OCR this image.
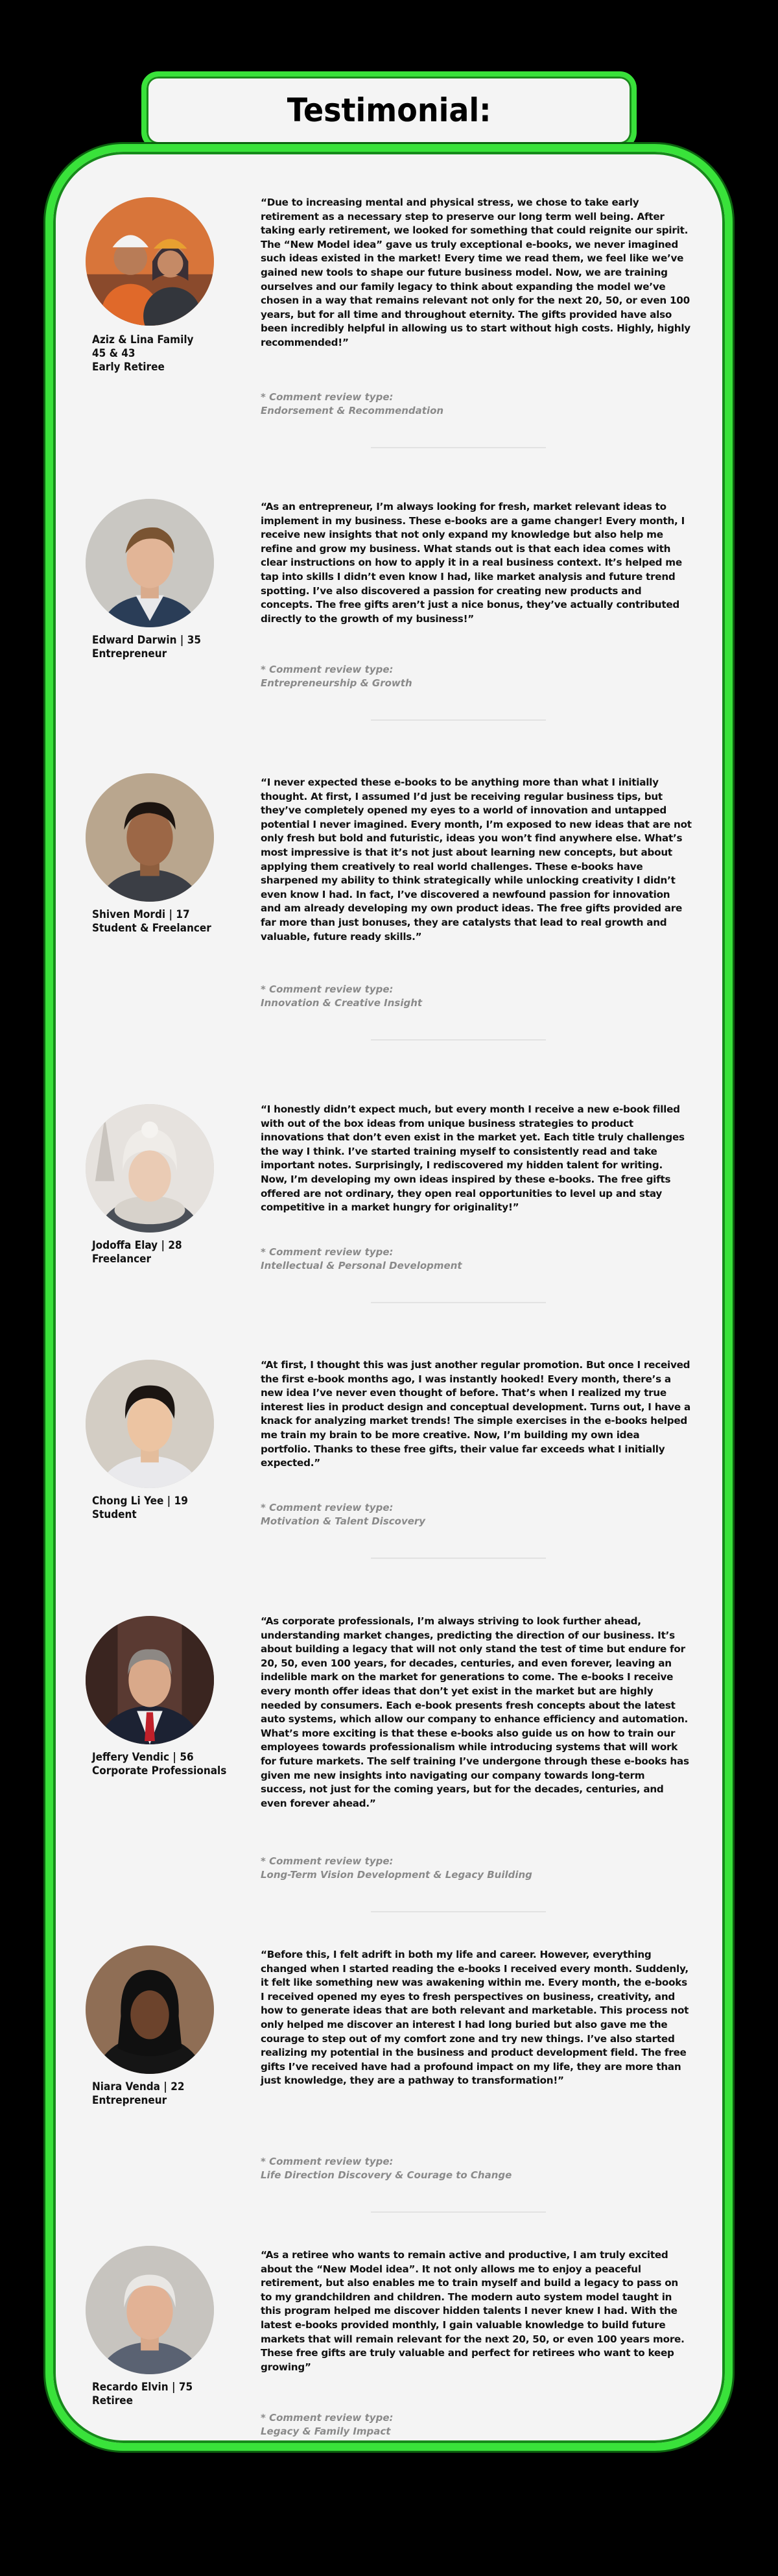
Testimonial:
Aziz & Lina Family
45 & 43
Early Retiree
“Due to increasing mental and physical stress, we chose to take early retirement as a necessary step to preserve our long term well being. After taking early retirement, we looked for something that could reignite our spirit. The “New Model idea” gave us truly exceptional e-books, we never imagined such ideas existed in the market! Every time we read them, we feel like we’ve gained new tools to shape our future business model. Now, we are training ourselves and our family legacy to think about expanding the model we’ve chosen in a way that remains relevant not only for the next 20, 50, or even 100 years, but for all time and throughout eternity. The gifts provided have also been incredibly helpful in allowing us to start without high costs. Highly, highly recommended!”
* Comment review type:
Endorsement & Recommendation
Edward Darwin | 35
Entrepreneur
“As an entrepreneur, I’m always looking for fresh, market relevant ideas to implement in my business. These e-books are a game changer! Every month, I receive new insights that not only expand my knowledge but also help me refine and grow my business. What stands out is that each idea comes with clear instructions on how to apply it in a real business context. It’s helped me tap into skills I didn’t even know I had, like market analysis and future trend spotting. I’ve also discovered a passion for creating new products and concepts. The free gifts aren’t just a nice bonus, they’ve actually contributed directly to the growth of my business!”
* Comment review type:
Entrepreneurship & Growth
Shiven Mordi | 17
Student & Freelancer
“I never expected these e-books to be anything more than what I initially thought. At first, I assumed I’d just be receiving regular business tips, but they’ve completely opened my eyes to a world of innovation and untapped potential I never imagined. Every month, I’m exposed to new ideas that are not only fresh but bold and futuristic, ideas you won’t find anywhere else. What’s most impressive is that it’s not just about learning new concepts, but about applying them creatively to real world challenges. These e-books have sharpened my ability to think strategically while unlocking creativity I didn’t even know I had. In fact, I’ve discovered a newfound passion for innovation and am already developing my own product ideas. The free gifts provided are far more than just bonuses, they are catalysts that lead to real growth and valuable, future ready skills.”
* Comment review type:
Innovation & Creative Insight
Jodoffa Elay | 28
Freelancer
“I honestly didn’t expect much, but every month I receive a new e-book filled with out of the box ideas from unique business strategies to product innovations that don’t even exist in the market yet. Each title truly challenges the way I think. I’ve started training myself to consistently read and take important notes. Surprisingly, I rediscovered my hidden talent for writing. Now, I’m developing my own ideas inspired by these e-books. The free gifts offered are not ordinary, they open real opportunities to level up and stay competitive in a market hungry for originality!”
* Comment review type:
Intellectual & Personal Development
Chong Li Yee | 19
Student
“At first, I thought this was just another regular promotion. But once I received the first e-book months ago, I was instantly hooked! Every month, there’s a new idea I’ve never even thought of before. That’s when I realized my true interest lies in product design and conceptual development. Turns out, I have a knack for analyzing market trends! The simple exercises in the e-books helped me train my brain to be more creative. Now, I’m building my own idea portfolio. Thanks to these free gifts, their value far exceeds what I initially expected.”
* Comment review type:
Motivation & Talent Discovery
Jeffery Vendic | 56
Corporate Professionals
“As corporate professionals, I’m always striving to look further ahead, understanding market changes, predicting the direction of our business. It’s about building a legacy that will not only stand the test of time but endure for 20, 50, even 100 years, for decades, centuries, and even forever, leaving an indelible mark on the market for generations to come. The e-books I receive every month offer ideas that don’t yet exist in the market but are highly needed by consumers. Each e-book presents fresh concepts about the latest auto systems, which allow our company to enhance efficiency and automation. What’s more exciting is that these e-books also guide us on how to train our employees towards professionalism while introducing systems that will work for future markets. The self training I’ve undergone through these e-books has given me new insights into navigating our company towards long-term success, not just for the coming years, but for the decades, centuries, and even forever ahead.”
* Comment review type:
Long-Term Vision Development & Legacy Building
Niara Venda | 22
Entrepreneur
“Before this, I felt adrift in both my life and career. However, everything changed when I started reading the e-books I received every month. Suddenly, it felt like something new was awakening within me. Every month, the e-books I received opened my eyes to fresh perspectives on business, creativity, and how to generate ideas that are both relevant and marketable. This process not only helped me discover an interest I had long buried but also gave me the courage to step out of my comfort zone and try new things. I’ve also started realizing my potential in the business and product development field. The free gifts I’ve received have had a profound impact on my life, they are more than just knowledge, they are a pathway to transformation!”
* Comment review type:
Life Direction Discovery & Courage to Change
Recardo Elvin | 75
Retiree
“As a retiree who wants to remain active and productive, I am truly excited about the “New Model idea”. It not only allows me to enjoy a peaceful retirement, but also enables me to train myself and build a legacy to pass on to my grandchildren and children. The modern auto system model taught in this program helped me discover hidden talents I never knew I had. With the latest e-books provided monthly, I gain valuable knowledge to build future markets that will remain relevant for the next 20, 50, or even 100 years more. These free gifts are truly valuable and perfect for retirees who want to keep growing”
* Comment review type:
Legacy & Family Impact
